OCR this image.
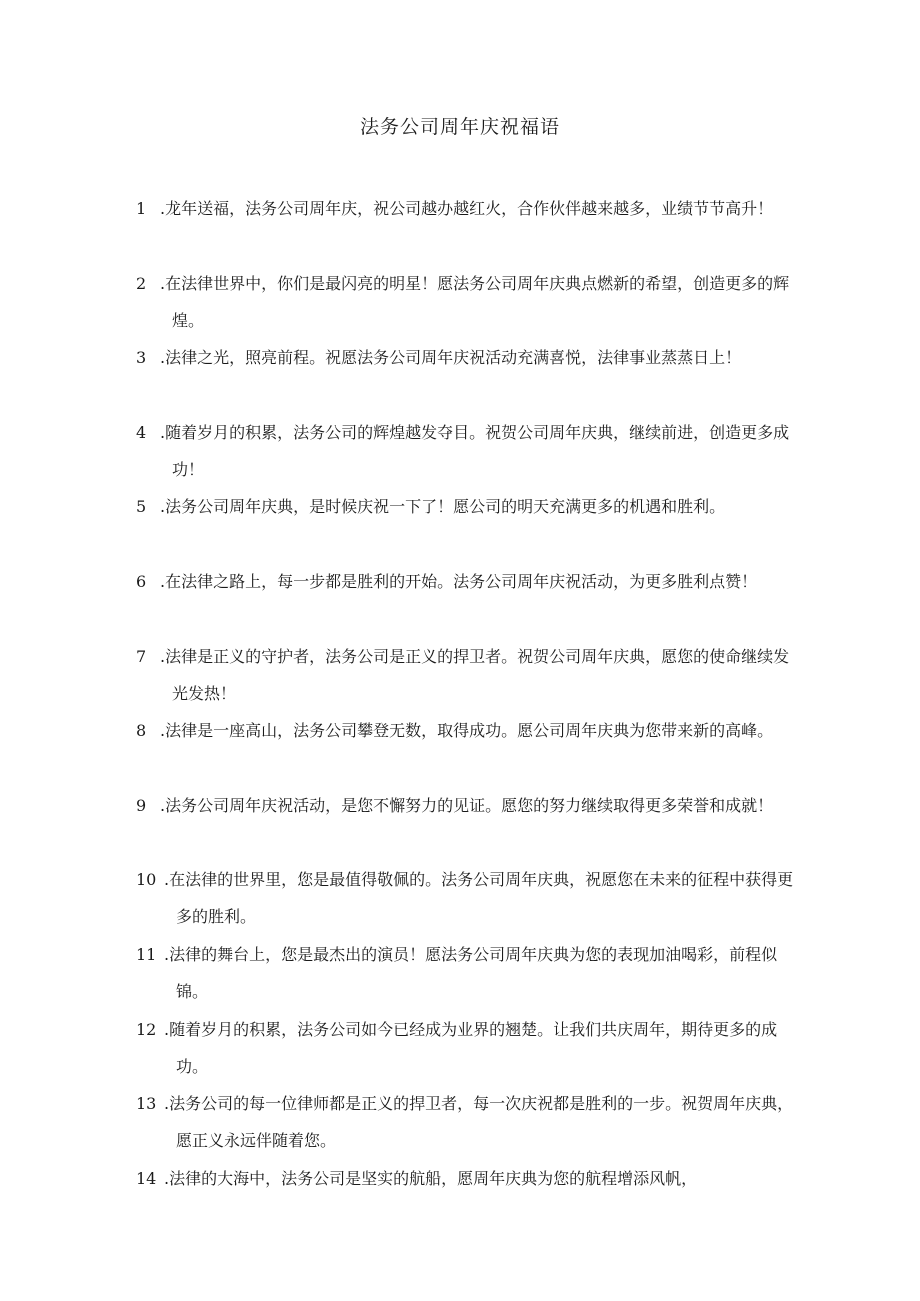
法务公司周年庆祝福语
1 .龙年送福，法务公司周年庆，祝公司越办越红火，合作伙伴越来越多，业绩节节高升！
2 .在法律世界中，你们是最闪亮的明星！愿法务公司周年庆典点燃新的希望，创造更多的辉煌。
3 .法律之光，照亮前程。祝愿法务公司周年庆祝活动充满喜悦，法律事业蒸蒸日上！
4 .随着岁月的积累，法务公司的辉煌越发夺目。祝贺公司周年庆典，继续前进，创造更多成功！
5 .法务公司周年庆典，是时候庆祝一下了！愿公司的明天充满更多的机遇和胜利。
6 .在法律之路上，每一步都是胜利的开始。法务公司周年庆祝活动，为更多胜利点赞！
7 .法律是正义的守护者，法务公司是正义的捍卫者。祝贺公司周年庆典，愿您的使命继续发光发热！
8 .法律是一座高山，法务公司攀登无数，取得成功。愿公司周年庆典为您带来新的高峰。
9 .法务公司周年庆祝活动，是您不懈努力的见证。愿您的努力继续取得更多荣誉和成就！
10 .在法律的世界里，您是最值得敬佩的。法务公司周年庆典，祝愿您在未来的征程中获得更多的胜利。
11 .法律的舞台上，您是最杰出的演员！愿法务公司周年庆典为您的表现加油喝彩，前程似锦。
12 .随着岁月的积累，法务公司如今已经成为业界的翘楚。让我们共庆周年，期待更多的成功。
13 .法务公司的每一位律师都是正义的捍卫者，每一次庆祝都是胜利的一步。祝贺周年庆典，愿正义永远伴随着您。
14 .法律的大海中，法务公司是坚实的航船，愿周年庆典为您的航程增添风帆，
